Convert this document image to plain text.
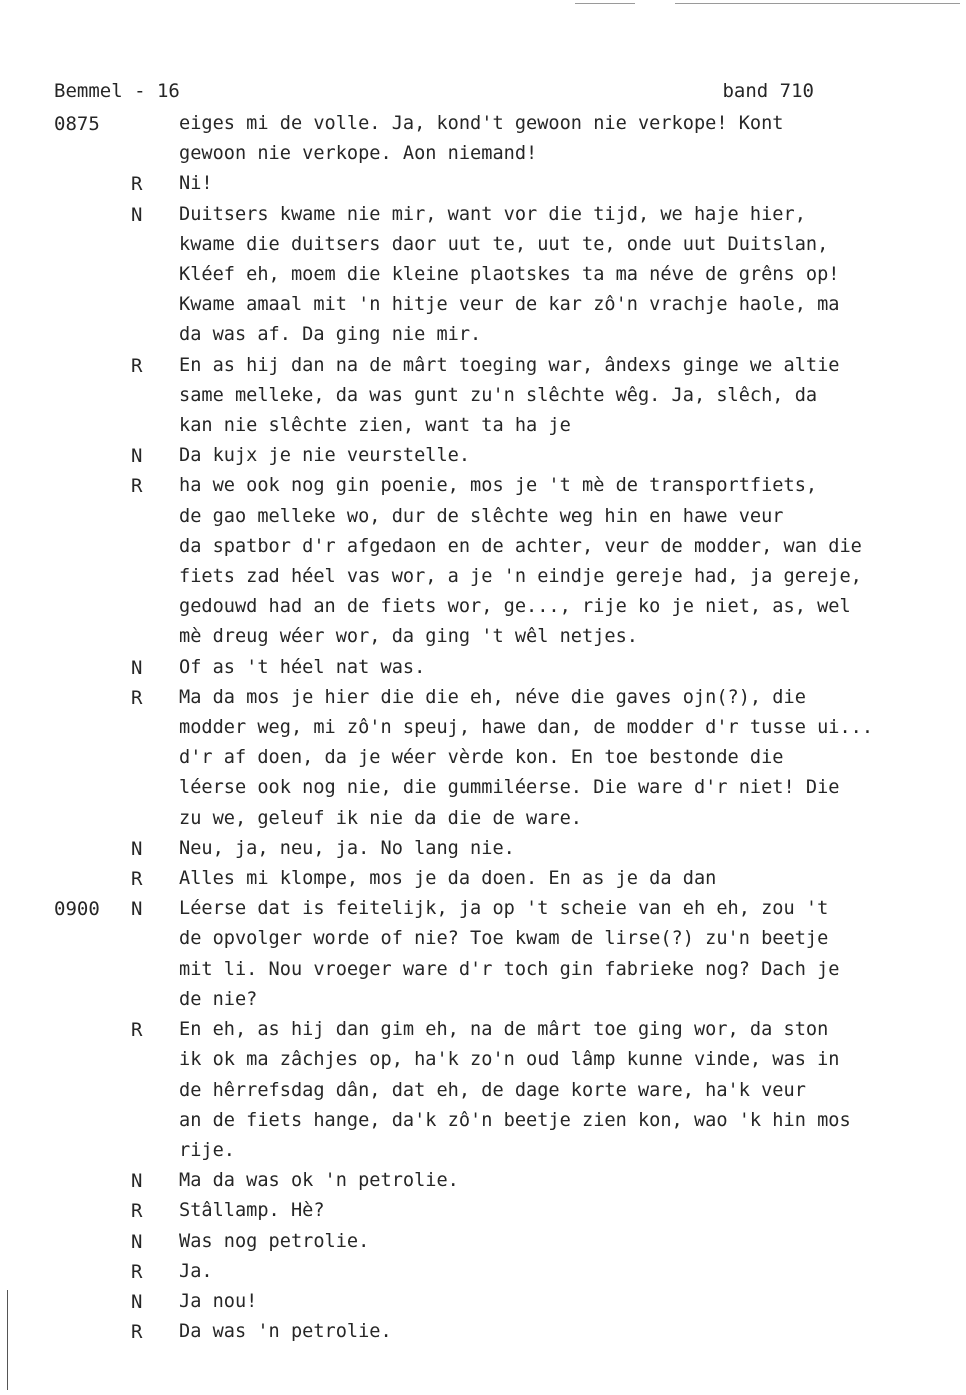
Bemmel - 16	band 710
0875	eiges mi de volle. Ja, kond't gewoon nie verkope! Kont
gewoon nie verkope. Aon niemand!
R	Ni!
N	Duitsers kwame nie mir, want vor die tijd, we haje hier,
kwame die duitsers daor uut te, uut te, onde uut Duitslan,
Kléef eh, moem die kleine plaotskes ta ma néve de grêns op!
Kwame amaal mit 'n hitje veur de kar zô'n vrachje haole, ma
da was af. Da ging nie mir.
R	En as hij dan na de mârt toeging war, ândexs ginge we altie
same melleke, da was gunt zu'n slêchte wêg. Ja, slêch, da
kan nie slêchte zien, want ta ha je
N	Da kujx je nie veurstelle.
R	ha we ook nog gin poenie, mos je 't mè de transportfiets,
de gao melleke wo, dur de slêchte weg hin en hawe veur
da spatbor d'r afgedaon en de achter, veur de modder, wan die
fiets zad héel vas wor, a je 'n eindje gereje had, ja gereje,
gedouwd had an de fiets wor, ge..., rije ko je niet, as, wel
mè dreug wéer wor, da ging 't wêl netjes.
N	Of as 't héel nat was.
R	Ma da mos je hier die die eh, néve die gaves ojn(?), die
modder weg, mi zô'n speuj, hawe dan, de modder d'r tusse ui...
d'r af doen, da je wéer vèrde kon. En toe bestonde die
léerse ook nog nie, die gummiléerse. Die ware d'r niet! Die
zu we, geleuf ik nie da die de ware.
N	Neu, ja, neu, ja. No lang nie.
R	Alles mi klompe, mos je da doen. En as je da dan
0900	N	Léerse dat is feitelijk, ja op 't scheie van eh eh, zou 't
de opvolger worde of nie? Toe kwam de lirse(?) zu'n beetje
mit li. Nou vroeger ware d'r toch gin fabrieke nog? Dach je
de nie?
R	En eh, as hij dan gim eh, na de mârt toe ging wor, da ston
ik ok ma zâchjes op, ha'k zo'n oud lâmp kunne vinde, was in
de hêrrefsdag dân, dat eh, de dage korte ware, ha'k veur
an de fiets hange, da'k zô'n beetje zien kon, wao 'k hin mos
rije.
N	Ma da was ok 'n petrolie.
R	Stâllamp. Hè?
N	Was nog petrolie.
R	Ja.
N	Ja nou!
R	Da was 'n petrolie.
